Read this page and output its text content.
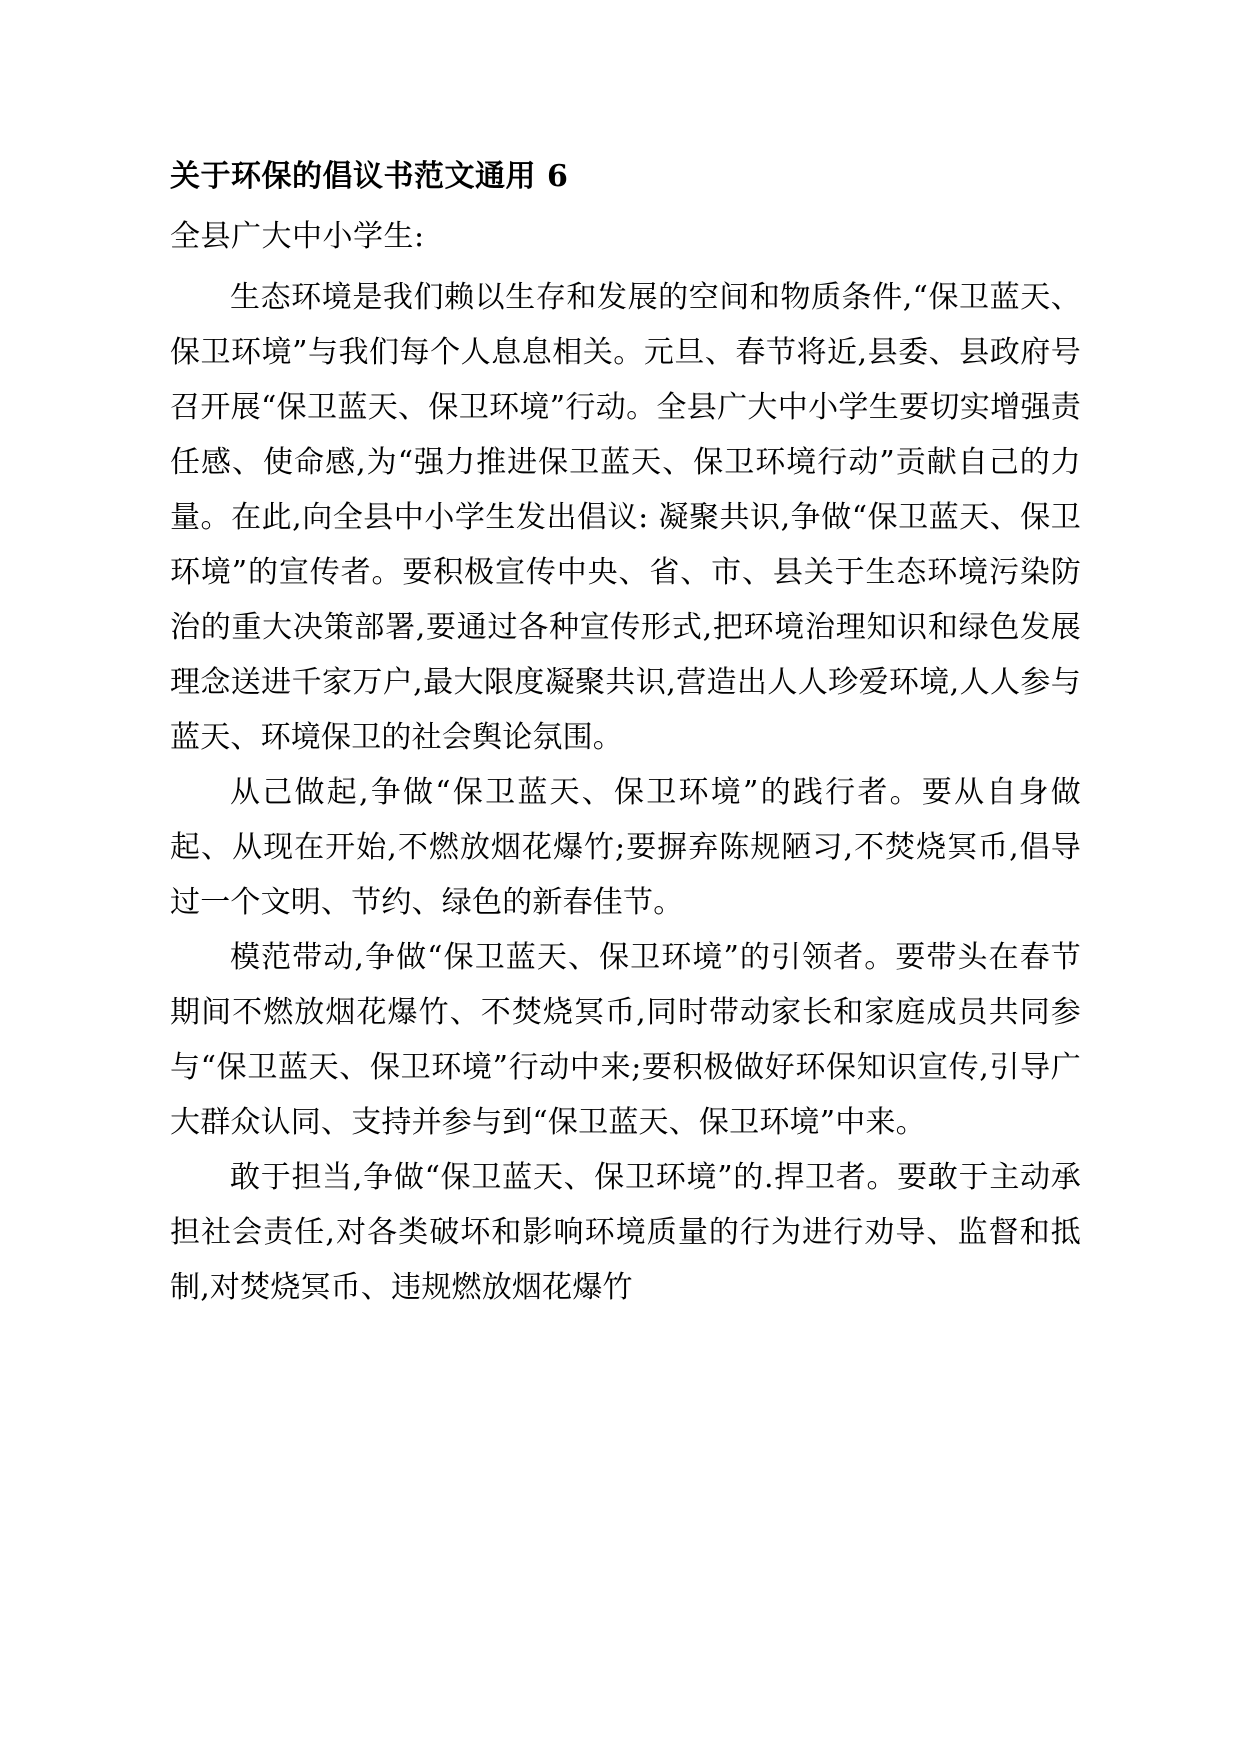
关于环保的倡议书范文通用 6

全县广大中小学生:

生态环境是我们赖以生存和发展的空间和物质条件,“保卫蓝天、保卫环境”与我们每个人息息相关。元旦、春节将近,县委、县政府号召开展“保卫蓝天、保卫环境”行动。全县广大中小学生要切实增强责任感、使命感,为“强力推进保卫蓝天、保卫环境行动”贡献自己的力量。在此,向全县中小学生发出倡议: 凝聚共识,争做“保卫蓝天、保卫环境”的宣传者。要积极宣传中央、省、市、县关于生态环境污染防治的重大决策部署,要通过各种宣传形式,把环境治理知识和绿色发展理念送进千家万户,最大限度凝聚共识,营造出人人珍爱环境,人人参与蓝天、环境保卫的社会舆论氛围。

从己做起,争做“保卫蓝天、保卫环境”的践行者。要从自身做起、从现在开始,不燃放烟花爆竹;要摒弃陈规陋习,不焚烧冥币,倡导过一个文明、节约、绿色的新春佳节。

模范带动,争做“保卫蓝天、保卫环境”的引领者。要带头在春节期间不燃放烟花爆竹、不焚烧冥币,同时带动家长和家庭成员共同参与“保卫蓝天、保卫环境”行动中来;要积极做好环保知识宣传,引导广大群众认同、支持并参与到“保卫蓝天、保卫环境”中来。

敢于担当,争做“保卫蓝天、保卫环境”的.捍卫者。要敢于主动承担社会责任,对各类破坏和影响环境质量的行为进行劝导、监督和抵制,对焚烧冥币、违规燃放烟花爆竹
